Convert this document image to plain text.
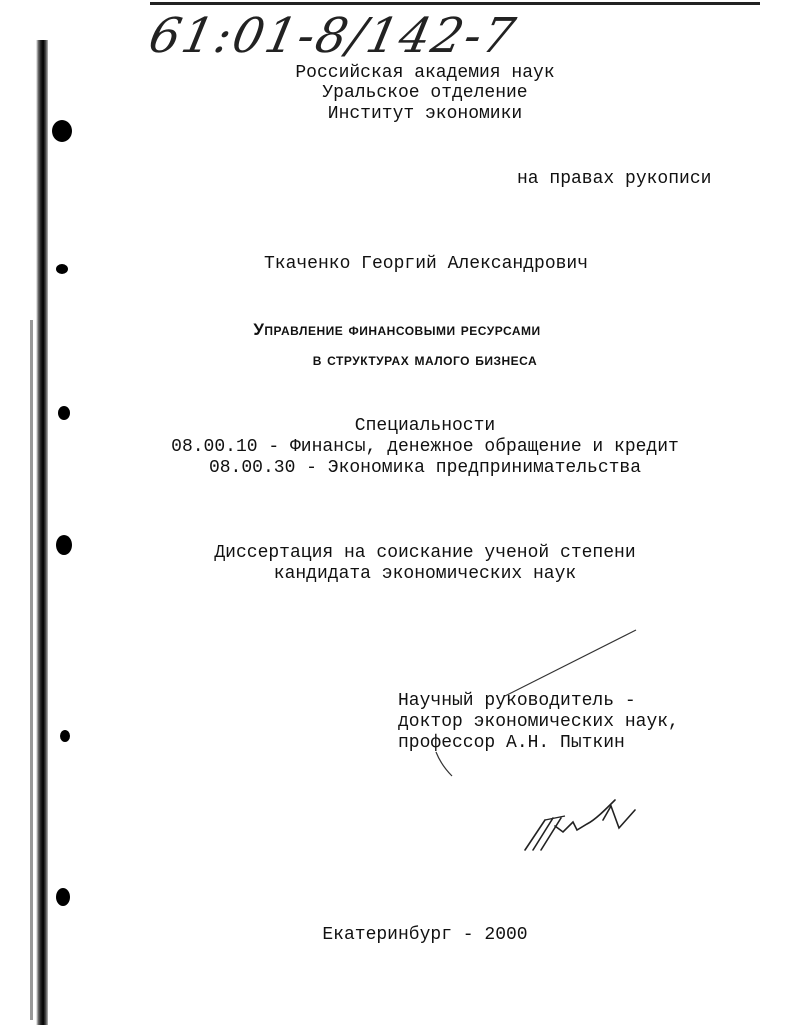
61:01-8/142-7
Российская академия наук
Уральское отделение
Институт экономики
на правах рукописи
Ткаченко Георгий Александрович
Управление финансовыми ресурсами
в структурах малого бизнеса
Специальности
08.00.10 - Финансы, денежное обращение и кредит
08.00.30 - Экономика предпринимательства
Диссертация на соискание ученой степени
кандидата экономических наук
Научный руководитель -
доктор экономических наук,
профессор А.Н. Пыткин
Екатеринбург - 2000
